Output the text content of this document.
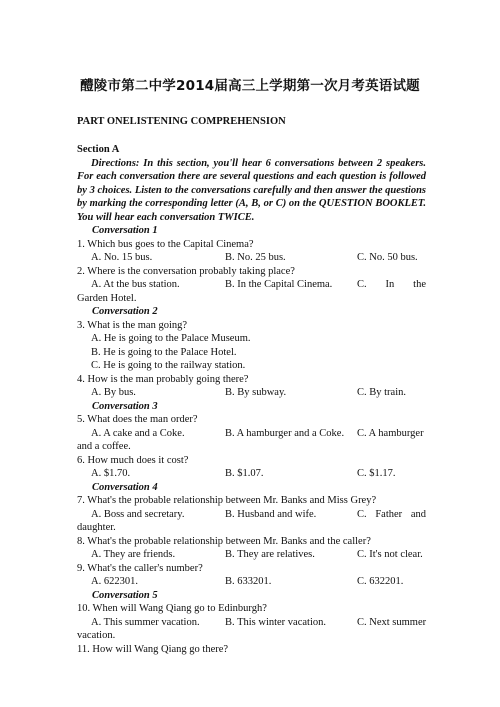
醴陵市第二中学2014届高三上学期第一次月考英语试题
PART ONELISTENING COMPREHENSION
Section A
Directions: In this section, you'll hear 6 conversations between 2 speakers. For each conversation there are several questions and each question is followed by 3 choices. Listen to the conversations carefully and then answer the questions by marking the corresponding letter (A, B, or C) on the QUESTION BOOKLET. You will hear each conversation TWICE.
Conversation 1
1. Which bus goes to the Capital Cinema?
A. No. 15 bus.	B. No. 25 bus.	C. No. 50 bus.
2. Where is the conversation probably taking place?
A. At the bus station.	B. In the Capital Cinema. C. In the
Garden Hotel.
Conversation 2
3. What is the man going?
A. He is going to the Palace Museum.
B. He is going to the Palace Hotel.
C. He is going to the railway station.
4. How is the man probably going there?
A. By bus.	B. By subway.	C. By train.
Conversation 3
5. What does the man order?
A. A cake and a Coke.	B. A hamburger and a Coke. C. A hamburger
and a coffee.
6. How much does it cost?
A. $1.70.	B. $1.07.	C. $1.17.
Conversation 4
7. What's the probable relationship between Mr. Banks and Miss Grey?
A. Boss and secretary.	B. Husband and wife.	C. Father and
daughter.
8. What's the probable relationship between Mr. Banks and the caller?
A. They are friends.	B. They are relatives.	C. It's not clear.
9. What's the caller's number?
A. 622301.	B. 633201.	C. 632201.
Conversation 5
10. When will Wang Qiang go to Edinburgh?
A. This summer vacation. B. This winter vacation.	C. Next summer
vacation.
11. How will Wang Qiang go there?
